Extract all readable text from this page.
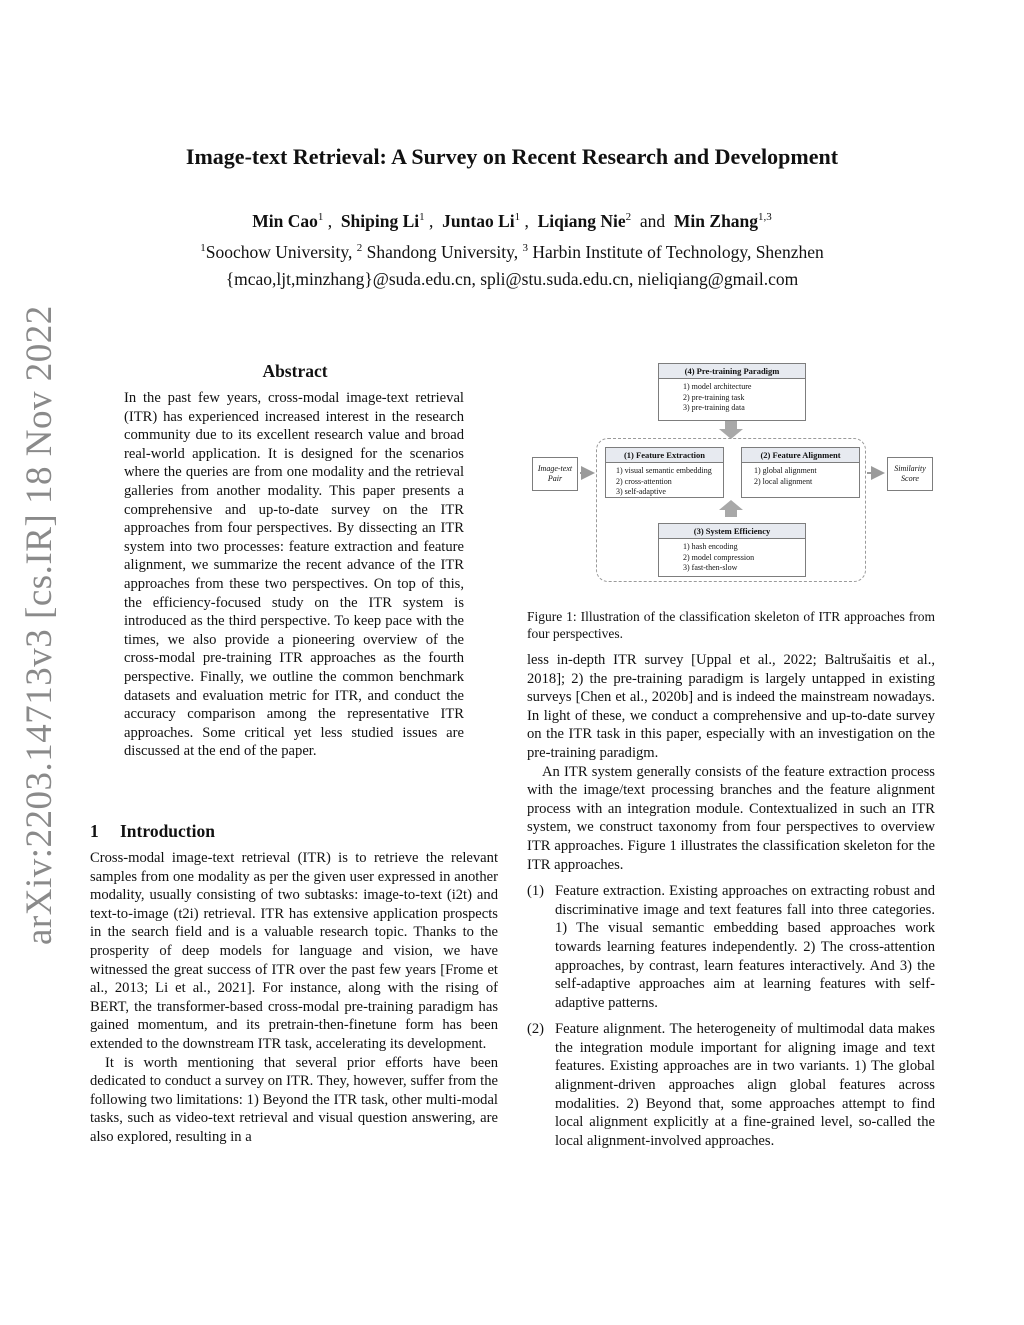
arXiv:2203.14713v3 [cs.IR] 18 Nov 2022
Image-text Retrieval: A Survey on Recent Research and Development
Min Cao$^1$ ,  Shiping Li$^1$ ,  Juntao Li$^1$ ,  Liqiang Nie$^2$  and  Min Zhang$^{1,3}$
$^1$Soochow University, $^2$ Shandong University, $^3$ Harbin Institute of Technology, Shenzhen
{mcao,ljt,minzhang}@suda.edu.cn, spli@stu.suda.edu.cn, nieliqiang@gmail.com
Abstract
In the past few years, cross-modal image-text retrieval (ITR) has experienced increased interest in the research community due to its excellent research value and broad real-world application. It is designed for the scenarios where the queries are from one modality and the retrieval galleries from another modality. This paper presents a comprehensive and up-to-date survey on the ITR approaches from four perspectives. By dissecting an ITR system into two processes: feature extraction and feature alignment, we summarize the recent advance of the ITR approaches from these two perspectives. On top of this, the efficiency-focused study on the ITR system is introduced as the third perspective. To keep pace with the times, we also provide a pioneering overview of the cross-modal pre-training ITR approaches as the fourth perspective. Finally, we outline the common benchmark datasets and evaluation metric for ITR, and conduct the accuracy comparison among the representative ITR approaches. Some critical yet less studied issues are discussed at the end of the paper.
1 Introduction

Cross-modal image-text retrieval (ITR) is to retrieve the relevant samples from one modality as per the given user expressed in another modality, usually consisting of two subtasks: image-to-text (i2t) and text-to-image (t2i) retrieval. ITR has extensive application prospects in the search field and is a valuable research topic. Thanks to the prosperity of deep models for language and vision, we have witnessed the great success of ITR over the past few years [Frome et al., 2013; Li et al., 2021]. For instance, along with the rising of BERT, the transformer-based cross-modal pre-training paradigm has gained momentum, and its pretrain-then-finetune form has been extended to the downstream ITR task, accelerating its development.

It is worth mentioning that several prior efforts have been dedicated to conduct a survey on ITR. They, however, suffer from the following two limitations: 1) Beyond the ITR task, other multi-modal tasks, such as video-text retrieval and visual question answering, are also explored, resulting in a

(4) Pre-training Paradigm
1) model architecture
2) pre-training task
3) pre-training data
(1) Feature Extraction
1) visual semantic embedding
2) cross-attention
3) self-adaptive
(2) Feature Alignment
1) global alignment
2) local alignment
(3) System Efficiency
1) hash encoding
2) model compression
3) fast-then-slow
Image-text Pair
Similarity Score
Figure 1: Illustration of the classification skeleton of ITR approaches from four perspectives.

less in-depth ITR survey [Uppal et al., 2022; Baltrušaitis et al., 2018]; 2) the pre-training paradigm is largely untapped in existing surveys [Chen et al., 2020b] and is indeed the mainstream nowadays. In light of these, we conduct a comprehensive and up-to-date survey on the ITR task in this paper, especially with an investigation on the pre-training paradigm.

An ITR system generally consists of the feature extraction process with the image/text processing branches and the feature alignment process with an integration module. Contextualized in such an ITR system, we construct taxonomy from four perspectives to overview ITR approaches. Figure 1 illustrates the classification skeleton for the ITR approaches.

(1) Feature extraction. Existing approaches on extracting robust and discriminative image and text features fall into three categories. 1) The visual semantic embedding based approaches work towards learning features independently. 2) The cross-attention approaches, by contrast, learn features interactively. And 3) the self-adaptive approaches aim at learning features with self-adaptive patterns.
(2) Feature alignment. The heterogeneity of multimodal data makes the integration module important for aligning image and text features. Existing approaches are in two variants. 1) The global alignment-driven approaches align global features across modalities. 2) Beyond that, some approaches attempt to find local alignment explicitly at a fine-grained level, so-called the local alignment-involved approaches.
